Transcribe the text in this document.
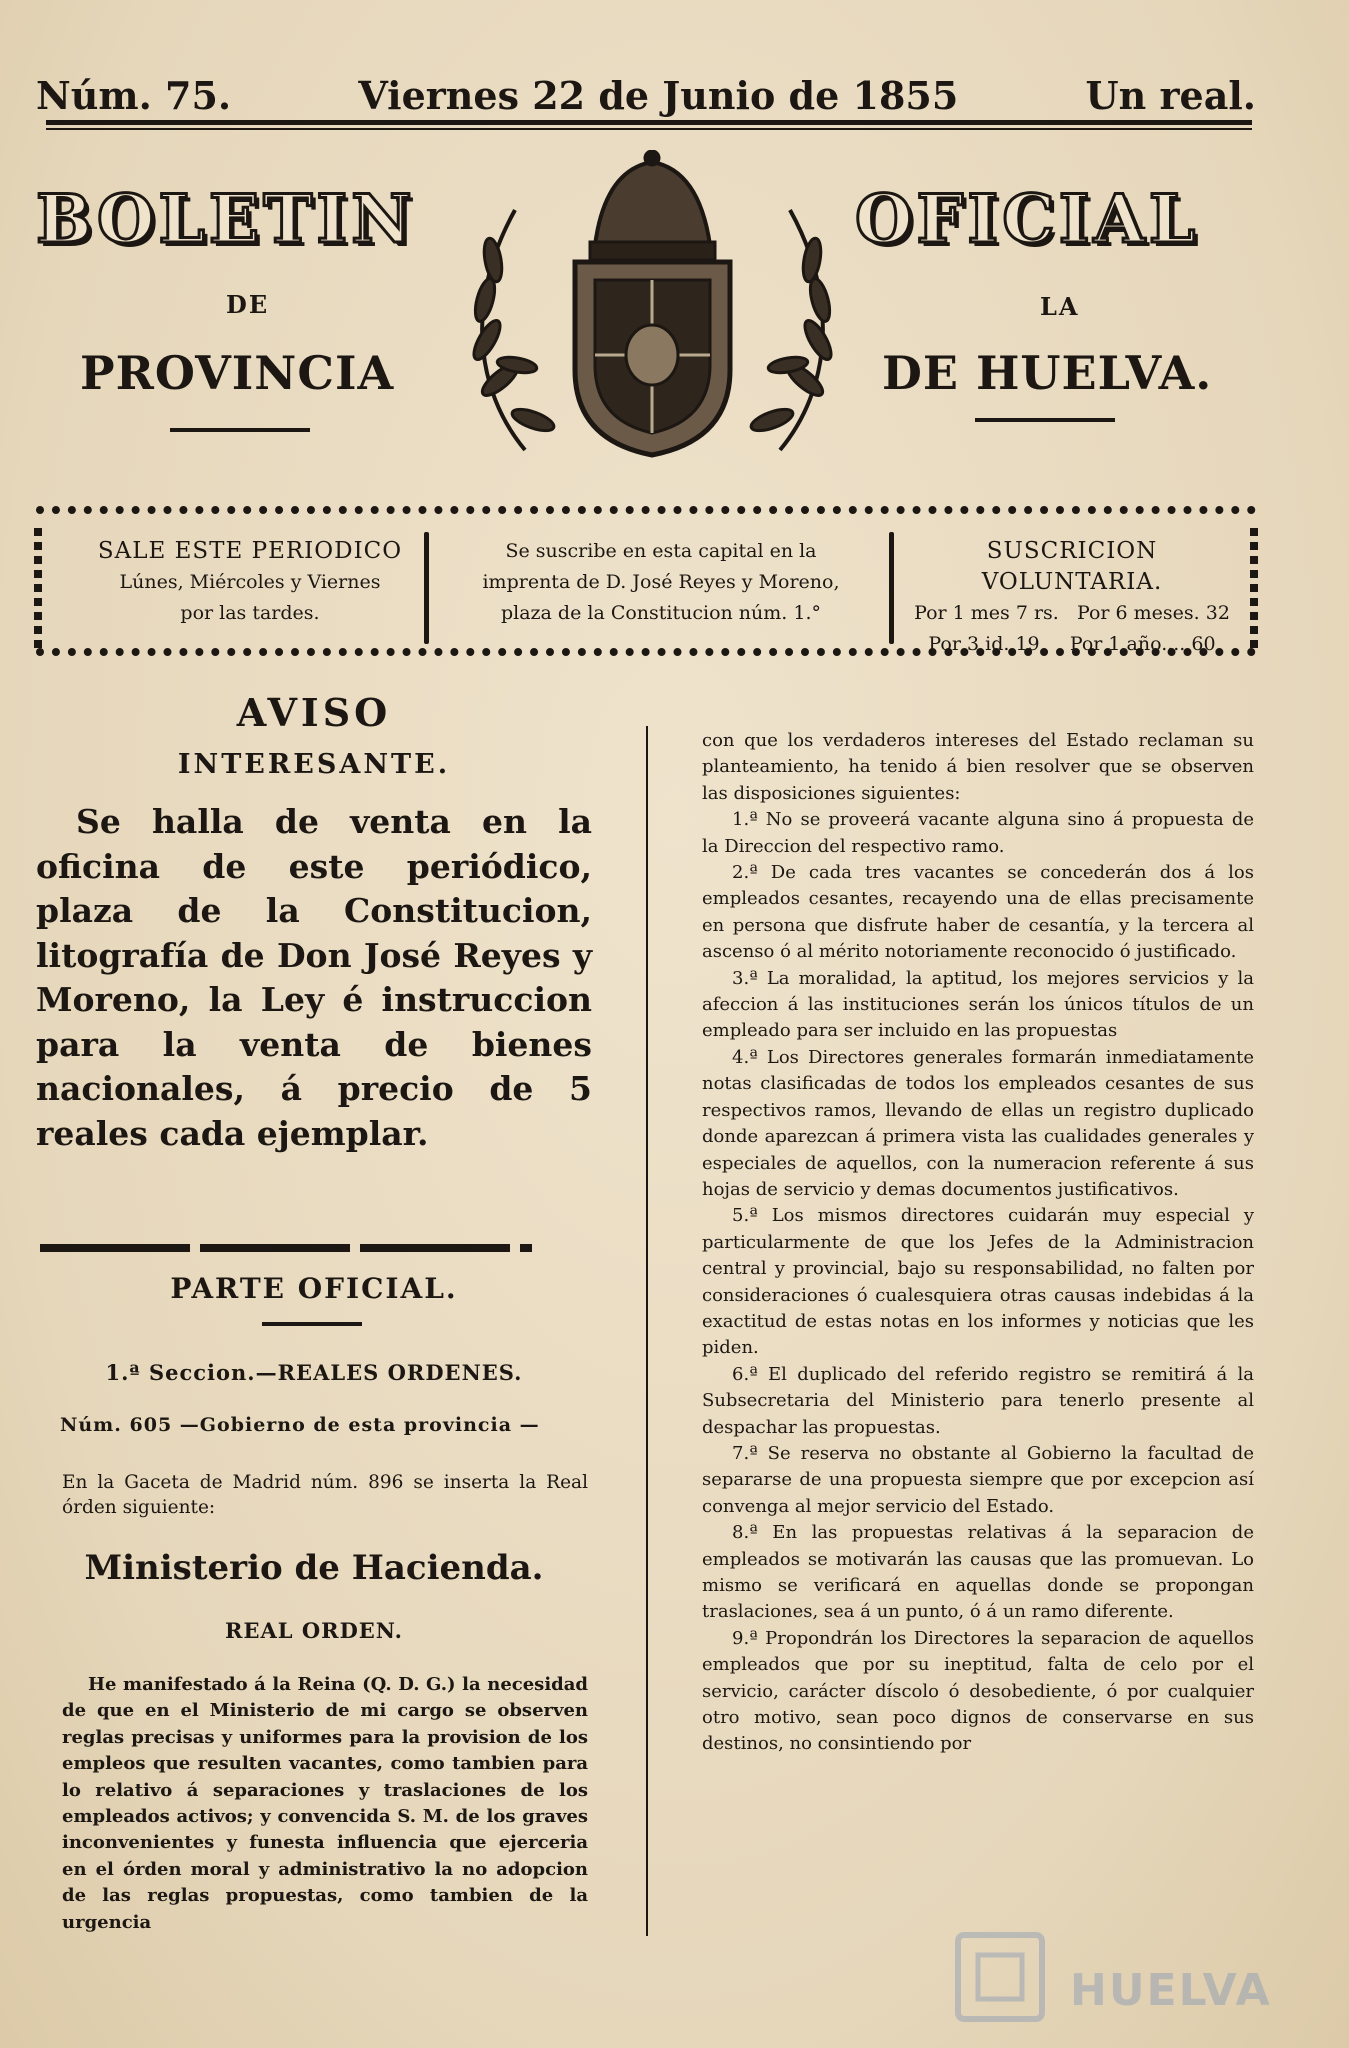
Núm. 75.	Viernes 22 de Junio de 1855	Un real.
BOLETIN	OFICIAL
DE	LA
PROVINCIA	DE HUELVA.
SALE ESTE PERIODICO
Lúnes, Miércoles y Viernes
por las tardes.
Se suscribe en esta capital en la
imprenta de D. José Reyes y Moreno,
plaza de la Constitucion núm. 1.°
SUSCRICION VOLUNTARIA.
Por 1 mes 7 rs.   Por 6 meses. 32
Por 3 id. 19     Por 1 año.... 60
AVISO
INTERESANTE.
Se halla de venta en la oficina de este periódico, plaza de la Constitucion, litografía de Don José Reyes y Moreno, la Ley é instruccion para la venta de bienes nacionales, á precio de 5 reales cada ejemplar.
PARTE OFICIAL.
1.ª Seccion.—REALES ORDENES.
Núm. 605 —Gobierno de esta provincia —
En la Gaceta de Madrid núm. 896 se inserta la Real órden siguiente:
Ministerio de Hacienda.
REAL ORDEN.
He manifestado á la Reina (Q. D. G.) la necesidad de que en el Ministerio de mi cargo se observen reglas precisas y uniformes para la provision de los empleos que resulten vacantes, como tambien para lo relativo á separaciones y traslaciones de los empleados activos; y convencida S. M. de los graves inconvenientes y funesta influencia que ejerceria en el órden moral y administrativo la no adopcion de las reglas propuestas, como tambien de la urgencia

con que los verdaderos intereses del Estado reclaman su planteamiento, ha tenido á bien resolver que se observen las disposiciones siguientes:

1.ª No se proveerá vacante alguna sino á propuesta de la Direccion del respectivo ramo.

2.ª De cada tres vacantes se concederán dos á los empleados cesantes, recayendo una de ellas precisamente en persona que disfrute haber de cesantía, y la tercera al ascenso ó al mérito notoriamente reconocido ó justificado.

3.ª La moralidad, la aptitud, los mejores servicios y la afeccion á las instituciones serán los únicos títulos de un empleado para ser incluido en las propuestas

4.ª Los Directores generales formarán inmediatamente notas clasificadas de todos los empleados cesantes de sus respectivos ramos, llevando de ellas un registro duplicado donde aparezcan á primera vista las cualidades generales y especiales de aquellos, con la numeracion referente á sus hojas de servicio y demas documentos justificativos.

5.ª Los mismos directores cuidarán muy especial y particularmente de que los Jefes de la Administracion central y provincial, bajo su responsabilidad, no falten por consideraciones ó cualesquiera otras causas indebidas á la exactitud de estas notas en los informes y noticias que les piden.

6.ª El duplicado del referido registro se remitirá á la Subsecretaria del Ministerio para tenerlo presente al despachar las propuestas.

7.ª Se reserva no obstante al Gobierno la facultad de separarse de una propuesta siempre que por excepcion así convenga al mejor servicio del Estado.

8.ª En las propuestas relativas á la separacion de empleados se motivarán las causas que las promuevan. Lo mismo se verificará en aquellas donde se propongan traslaciones, sea á un punto, ó á un ramo diferente.

9.ª Propondrán los Directores la separacion de aquellos empleados que por su ineptitud, falta de celo por el servicio, carácter díscolo ó desobediente, ó por cualquier otro motivo, sean poco dignos de conservarse en sus destinos, no consintiendo por

HUELVA
